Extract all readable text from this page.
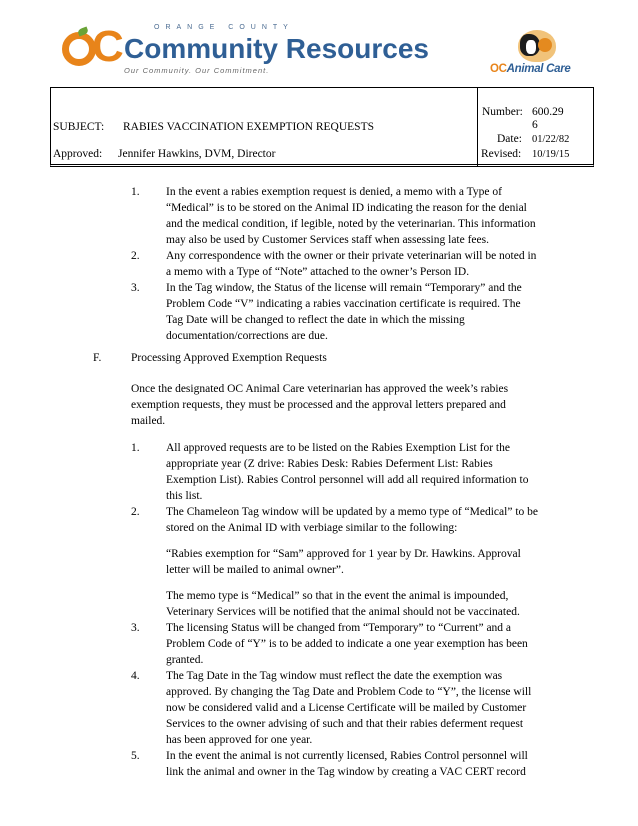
C	ORANGE COUNTY
Community Resources
Our Community. Our Commitment.	OCAnimal Care
SUBJECT: RABIES VACCINATION EXEMPTION REQUESTS
Approved: Jennifer Hawkins, DVM, Director
Number: 600.29
6
Date: 01/22/82
Revised: 10/19/15
1. In the event a rabies exemption request is denied, a memo with a Type of
“Medical” is to be stored on the Animal ID indicating the reason for the denial
and the medical condition, if legible, noted by the veterinarian. This information
may also be used by Customer Services staff when assessing late fees.
2. Any correspondence with the owner or their private veterinarian will be noted in
a memo with a Type of “Note” attached to the owner’s Person ID.
3. In the Tag window, the Status of the license will remain “Temporary” and the
Problem Code “V” indicating a rabies vaccination certificate is required. The
Tag Date will be changed to reflect the date in which the missing
documentation/corrections are due.
F.	Processing Approved Exemption Requests
Once the designated OC Animal Care veterinarian has approved the week’s rabies
exemption requests, they must be processed and the approval letters prepared and
mailed.
1. All approved requests are to be listed on the Rabies Exemption List for the
appropriate year (Z drive: Rabies Desk: Rabies Deferment List: Rabies
Exemption List). Rabies Control personnel will add all required information to
this list.
2. The Chameleon Tag window will be updated by a memo type of “Medical” to be
stored on the Animal ID with verbiage similar to the following:
“Rabies exemption for “Sam” approved for 1 year by Dr. Hawkins. Approval
letter will be mailed to animal owner”.
The memo type is “Medical” so that in the event the animal is impounded,
Veterinary Services will be notified that the animal should not be vaccinated.
3. The licensing Status will be changed from “Temporary” to “Current” and a
Problem Code of “Y” is to be added to indicate a one year exemption has been
granted.
4. The Tag Date in the Tag window must reflect the date the exemption was
approved. By changing the Tag Date and Problem Code to “Y”, the license will
now be considered valid and a License Certificate will be mailed by Customer
Services to the owner advising of such and that their rabies deferment request
has been approved for one year.
5. In the event the animal is not currently licensed, Rabies Control personnel will
link the animal and owner in the Tag window by creating a VAC CERT record
